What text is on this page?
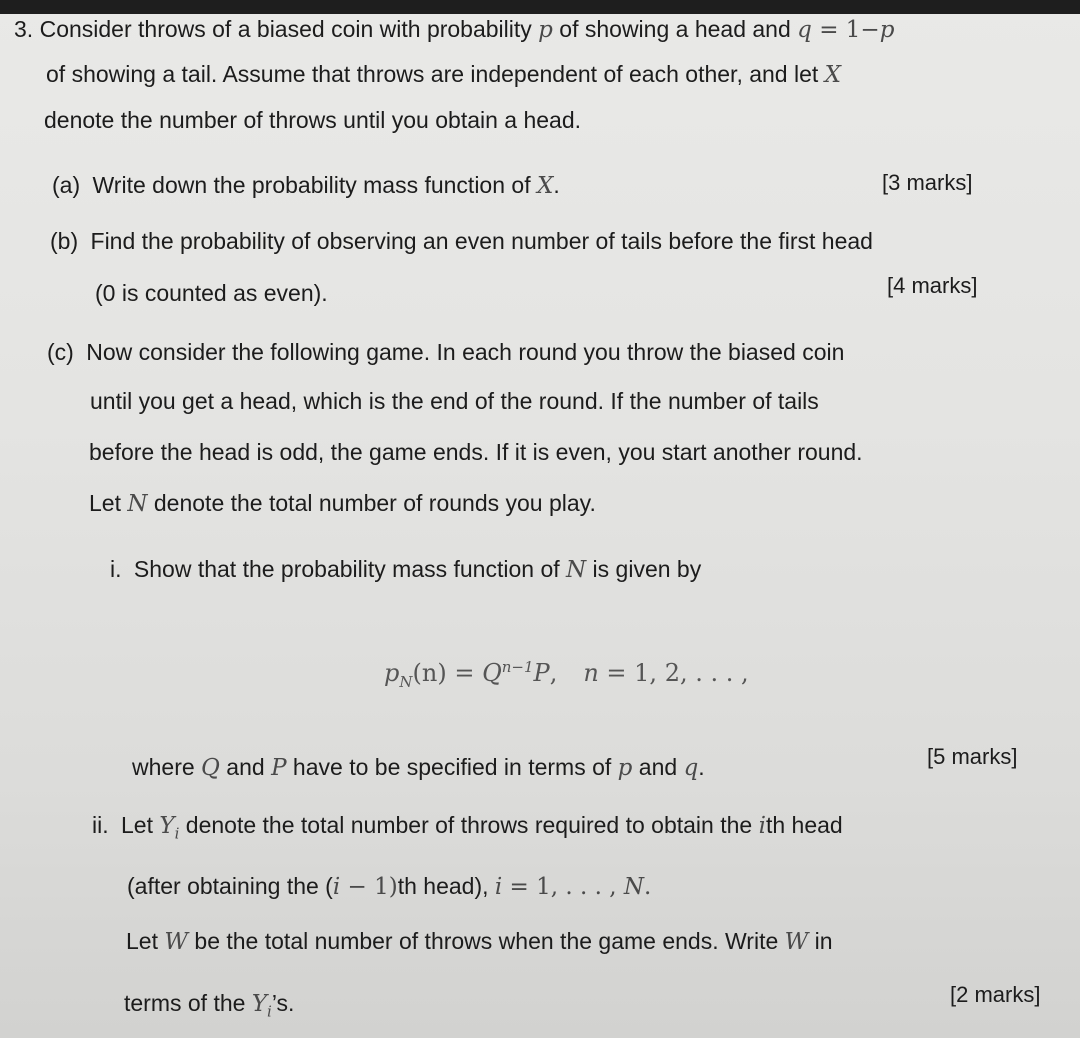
3. Consider throws of a biased coin with probability p of showing a head and q = 1−p
of showing a tail. Assume that throws are independent of each other, and let X
denote the number of throws until you obtain a head.
(a) Write down the probability mass function of X.	[3 marks]
(b) Find the probability of observing an even number of tails before the first head
(0 is counted as even).	[4 marks]
(c) Now consider the following game. In each round you throw the biased coin
until you get a head, which is the end of the round. If the number of tails
before the head is odd, the game ends. If it is even, you start another round.
Let N denote the total number of rounds you play.
i. Show that the probability mass function of N is given by
$p_N(n) = Q^{n-1}P$, n = 1, 2, . . . ,
where Q and P have to be specified in terms of p and q.	[5 marks]
ii. Let $Y_i$ denote the total number of throws required to obtain the ith head
(after obtaining the (i − 1)th head), i = 1, . . . , N.
Let W be the total number of throws when the game ends. Write W in
terms of the $Y_i’s$.	[2 marks]
